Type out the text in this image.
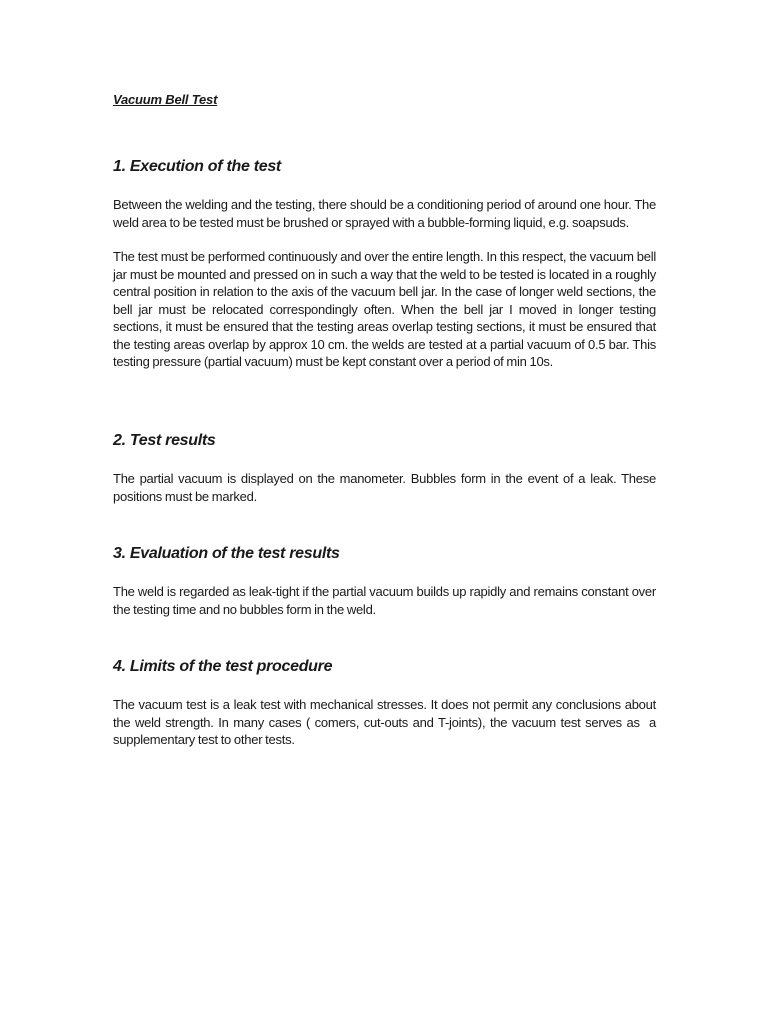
Vacuum Bell Test
1. Execution of the test

Between the welding and the testing, there should be a conditioning period of around one hour. The weld area to be tested must be brushed or sprayed with a bubble-forming liquid, e.g. soapsuds.

The test must be performed continuously and over the entire length. In this respect, the vacuum bell jar must be mounted and pressed on in such a way that the weld to be tested is located in a roughly central position in relation to the axis of the vacuum bell jar. In the case of longer weld sections, the bell jar must be relocated correspondingly often. When the bell jar I moved in longer testing sections, it must be ensured that the testing areas overlap testing sections, it must be ensured that the testing areas overlap by approx 10 cm. the welds are tested at a partial vacuum of 0.5 bar. This testing pressure (partial vacuum) must be kept constant over a period of min 10s.

2. Test results

The partial vacuum is displayed on the manometer. Bubbles form in the event of a leak. These positions must be marked.

3. Evaluation of the test results

The weld is regarded as leak-tight if the partial vacuum builds up rapidly and remains constant over the testing time and no bubbles form in the weld.

4. Limits of the test procedure

The vacuum test is a leak test with mechanical stresses. It does not permit any conclusions about the weld strength. In many cases ( comers, cut-outs and T-joints), the vacuum test serves as  a supplementary test to other tests.
